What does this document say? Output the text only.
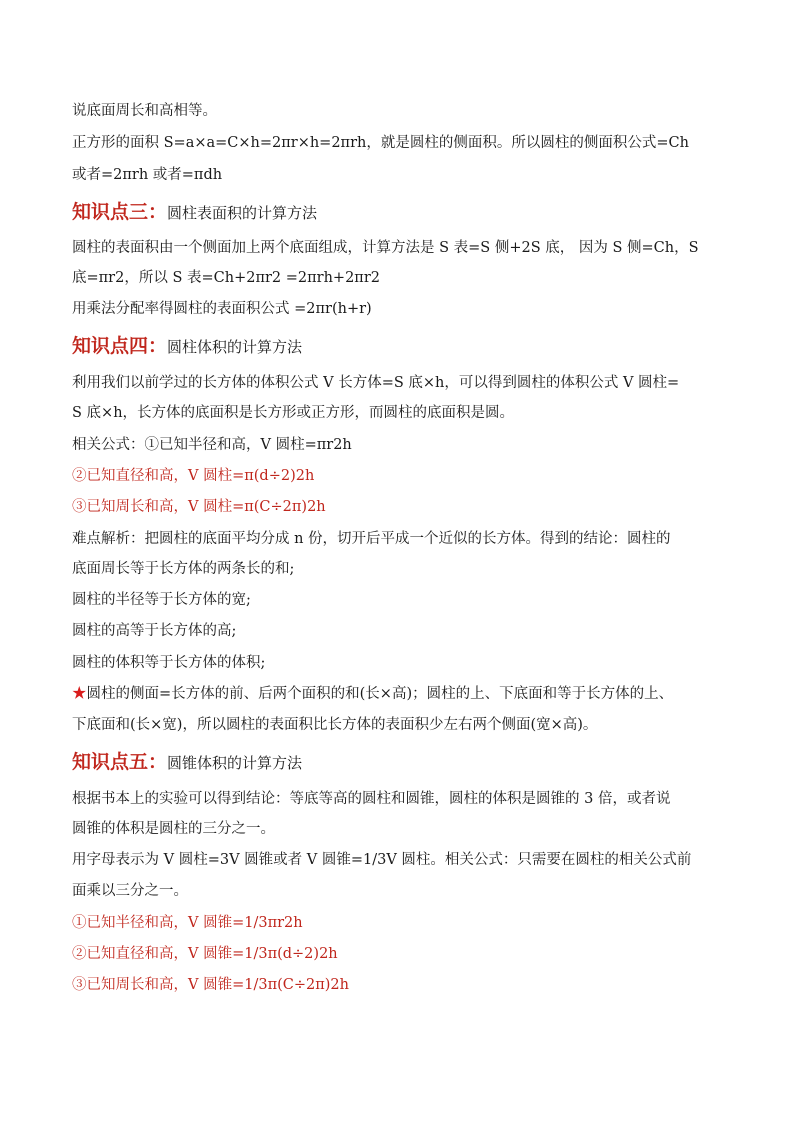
说底面周长和高相等。
正方形的面积 S=a×a=C×h=2πr×h=2πrh，就是圆柱的侧面积。所以圆柱的侧面积公式=Ch
或者=2πrh 或者=πdh
知识点三：圆柱表面积的计算方法
圆柱的表面积由一个侧面加上两个底面组成，计算方法是 S 表=S 侧+2S 底， 因为 S 侧=Ch，S
底=πr2，所以 S 表=Ch+2πr2 =2πrh+2πr2
用乘法分配率得圆柱的表面积公式 =2πr(h+r)
知识点四：圆柱体积的计算方法
利用我们以前学过的长方体的体积公式 V 长方体=S 底×h，可以得到圆柱的体积公式 V 圆柱=
S 底×h，长方体的底面积是长方形或正方形，而圆柱的底面积是圆。
相关公式：①已知半径和高，V 圆柱=πr2h
②已知直径和高，V 圆柱=π(d÷2)2h
③已知周长和高，V 圆柱=π(C÷2π)2h
难点解析：把圆柱的底面平均分成 n 份，切开后平成一个近似的长方体。得到的结论：圆柱的
底面周长等于长方体的两条长的和;
圆柱的半径等于长方体的宽;
圆柱的高等于长方体的高;
圆柱的体积等于长方体的体积;
★圆柱的侧面=长方体的前、后两个面积的和(长×高)；圆柱的上、下底面和等于长方体的上、
下底面和(长×宽)，所以圆柱的表面积比长方体的表面积少左右两个侧面(宽×高)。
知识点五：圆锥体积的计算方法
根据书本上的实验可以得到结论：等底等高的圆柱和圆锥，圆柱的体积是圆锥的 3 倍，或者说
圆锥的体积是圆柱的三分之一。
用字母表示为 V 圆柱=3V 圆锥或者 V 圆锥=1/3V 圆柱。相关公式：只需要在圆柱的相关公式前
面乘以三分之一。
①已知半径和高，V 圆锥=1/3πr2h
②已知直径和高，V 圆锥=1/3π(d÷2)2h
③已知周长和高，V 圆锥=1/3π(C÷2π)2h
